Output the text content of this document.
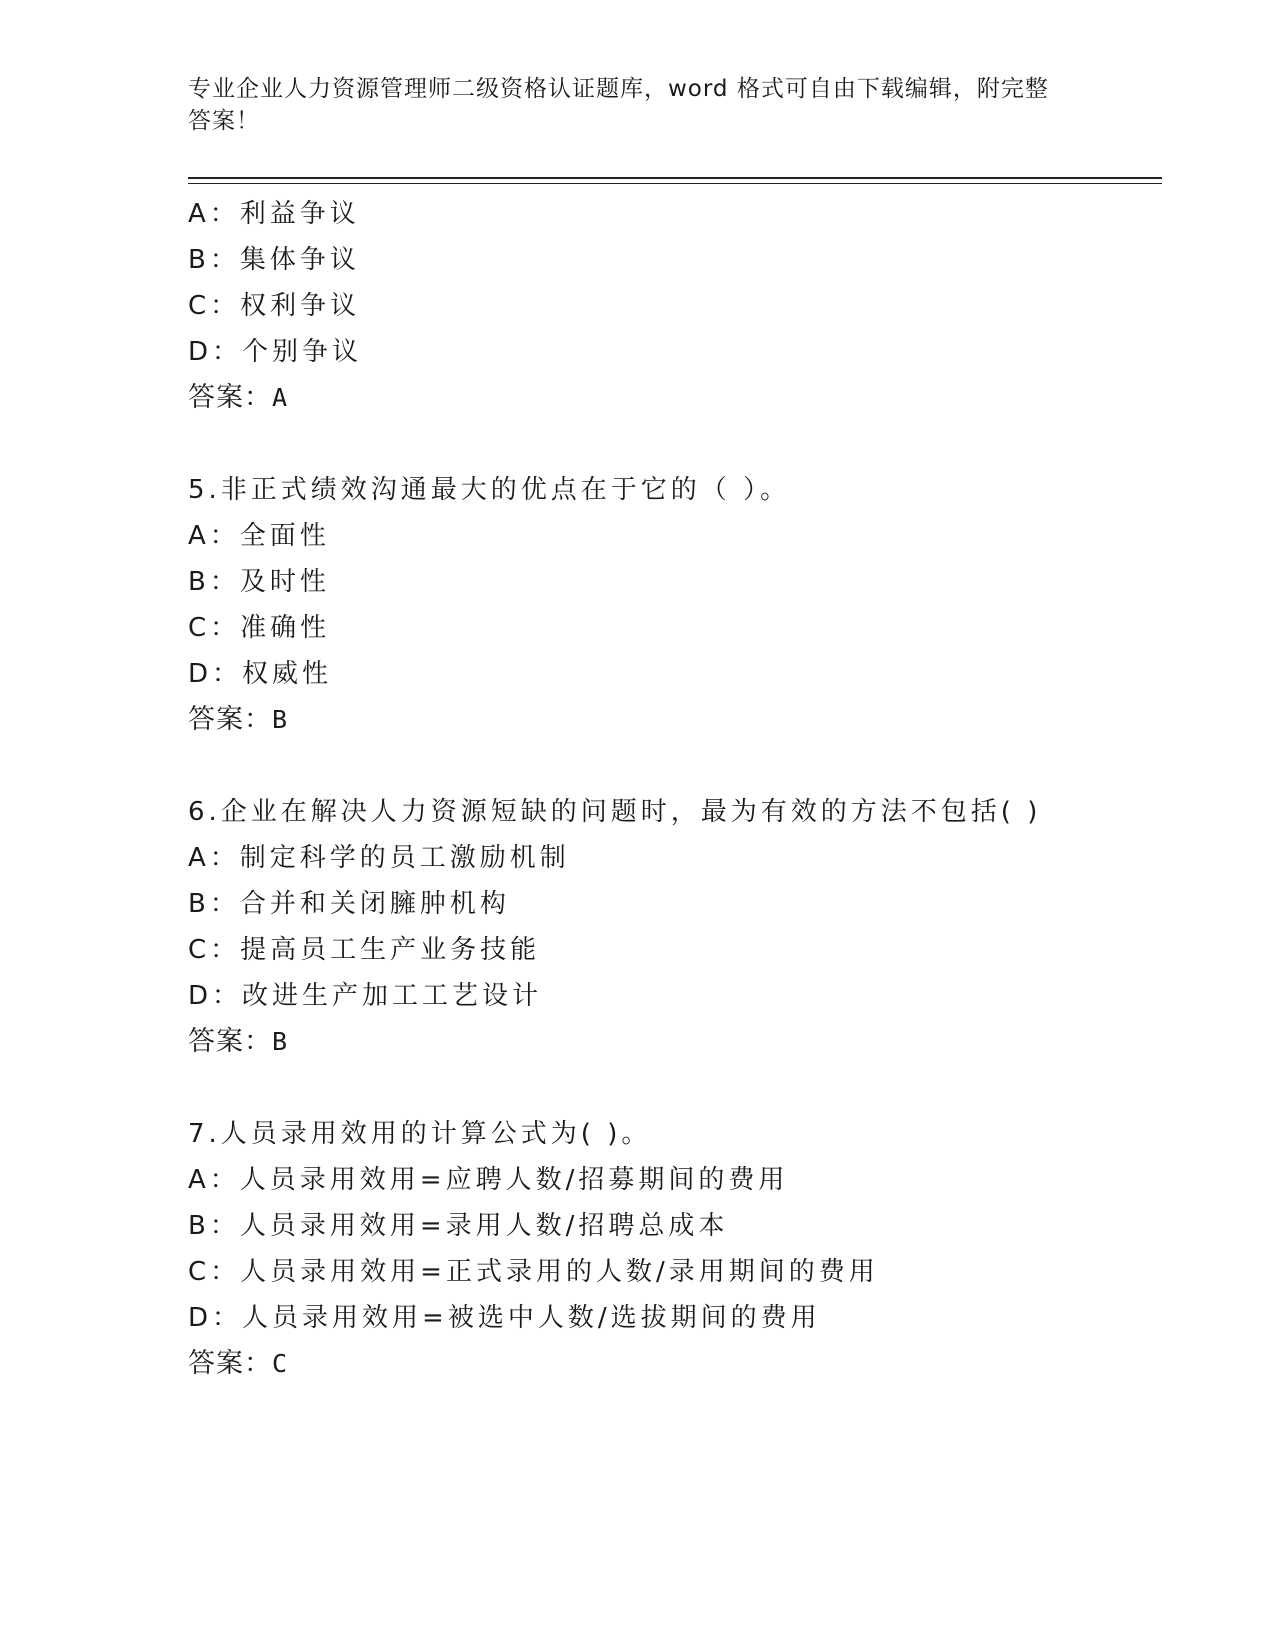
专业企业人力资源管理师二级资格认证题库，word 格式可自由下载编辑，附完整
答案！
A：利益争议
B：集体争议
C：权利争议
D：个别争议
答案：A
5.非正式绩效沟通最大的优点在于它的（ ）。
A：全面性
B：及时性
C：准确性
D：权威性
答案：B
6.企业在解决人力资源短缺的问题时，最为有效的方法不包括( )
A：制定科学的员工激励机制
B：合并和关闭臃肿机构
C：提高员工生产业务技能
D：改进生产加工工艺设计
答案：B
7.人员录用效用的计算公式为( )。
A：人员录用效用=应聘人数/招募期间的费用
B：人员录用效用=录用人数/招聘总成本
C：人员录用效用=正式录用的人数/录用期间的费用
D：人员录用效用=被选中人数/选拔期间的费用
答案：C
